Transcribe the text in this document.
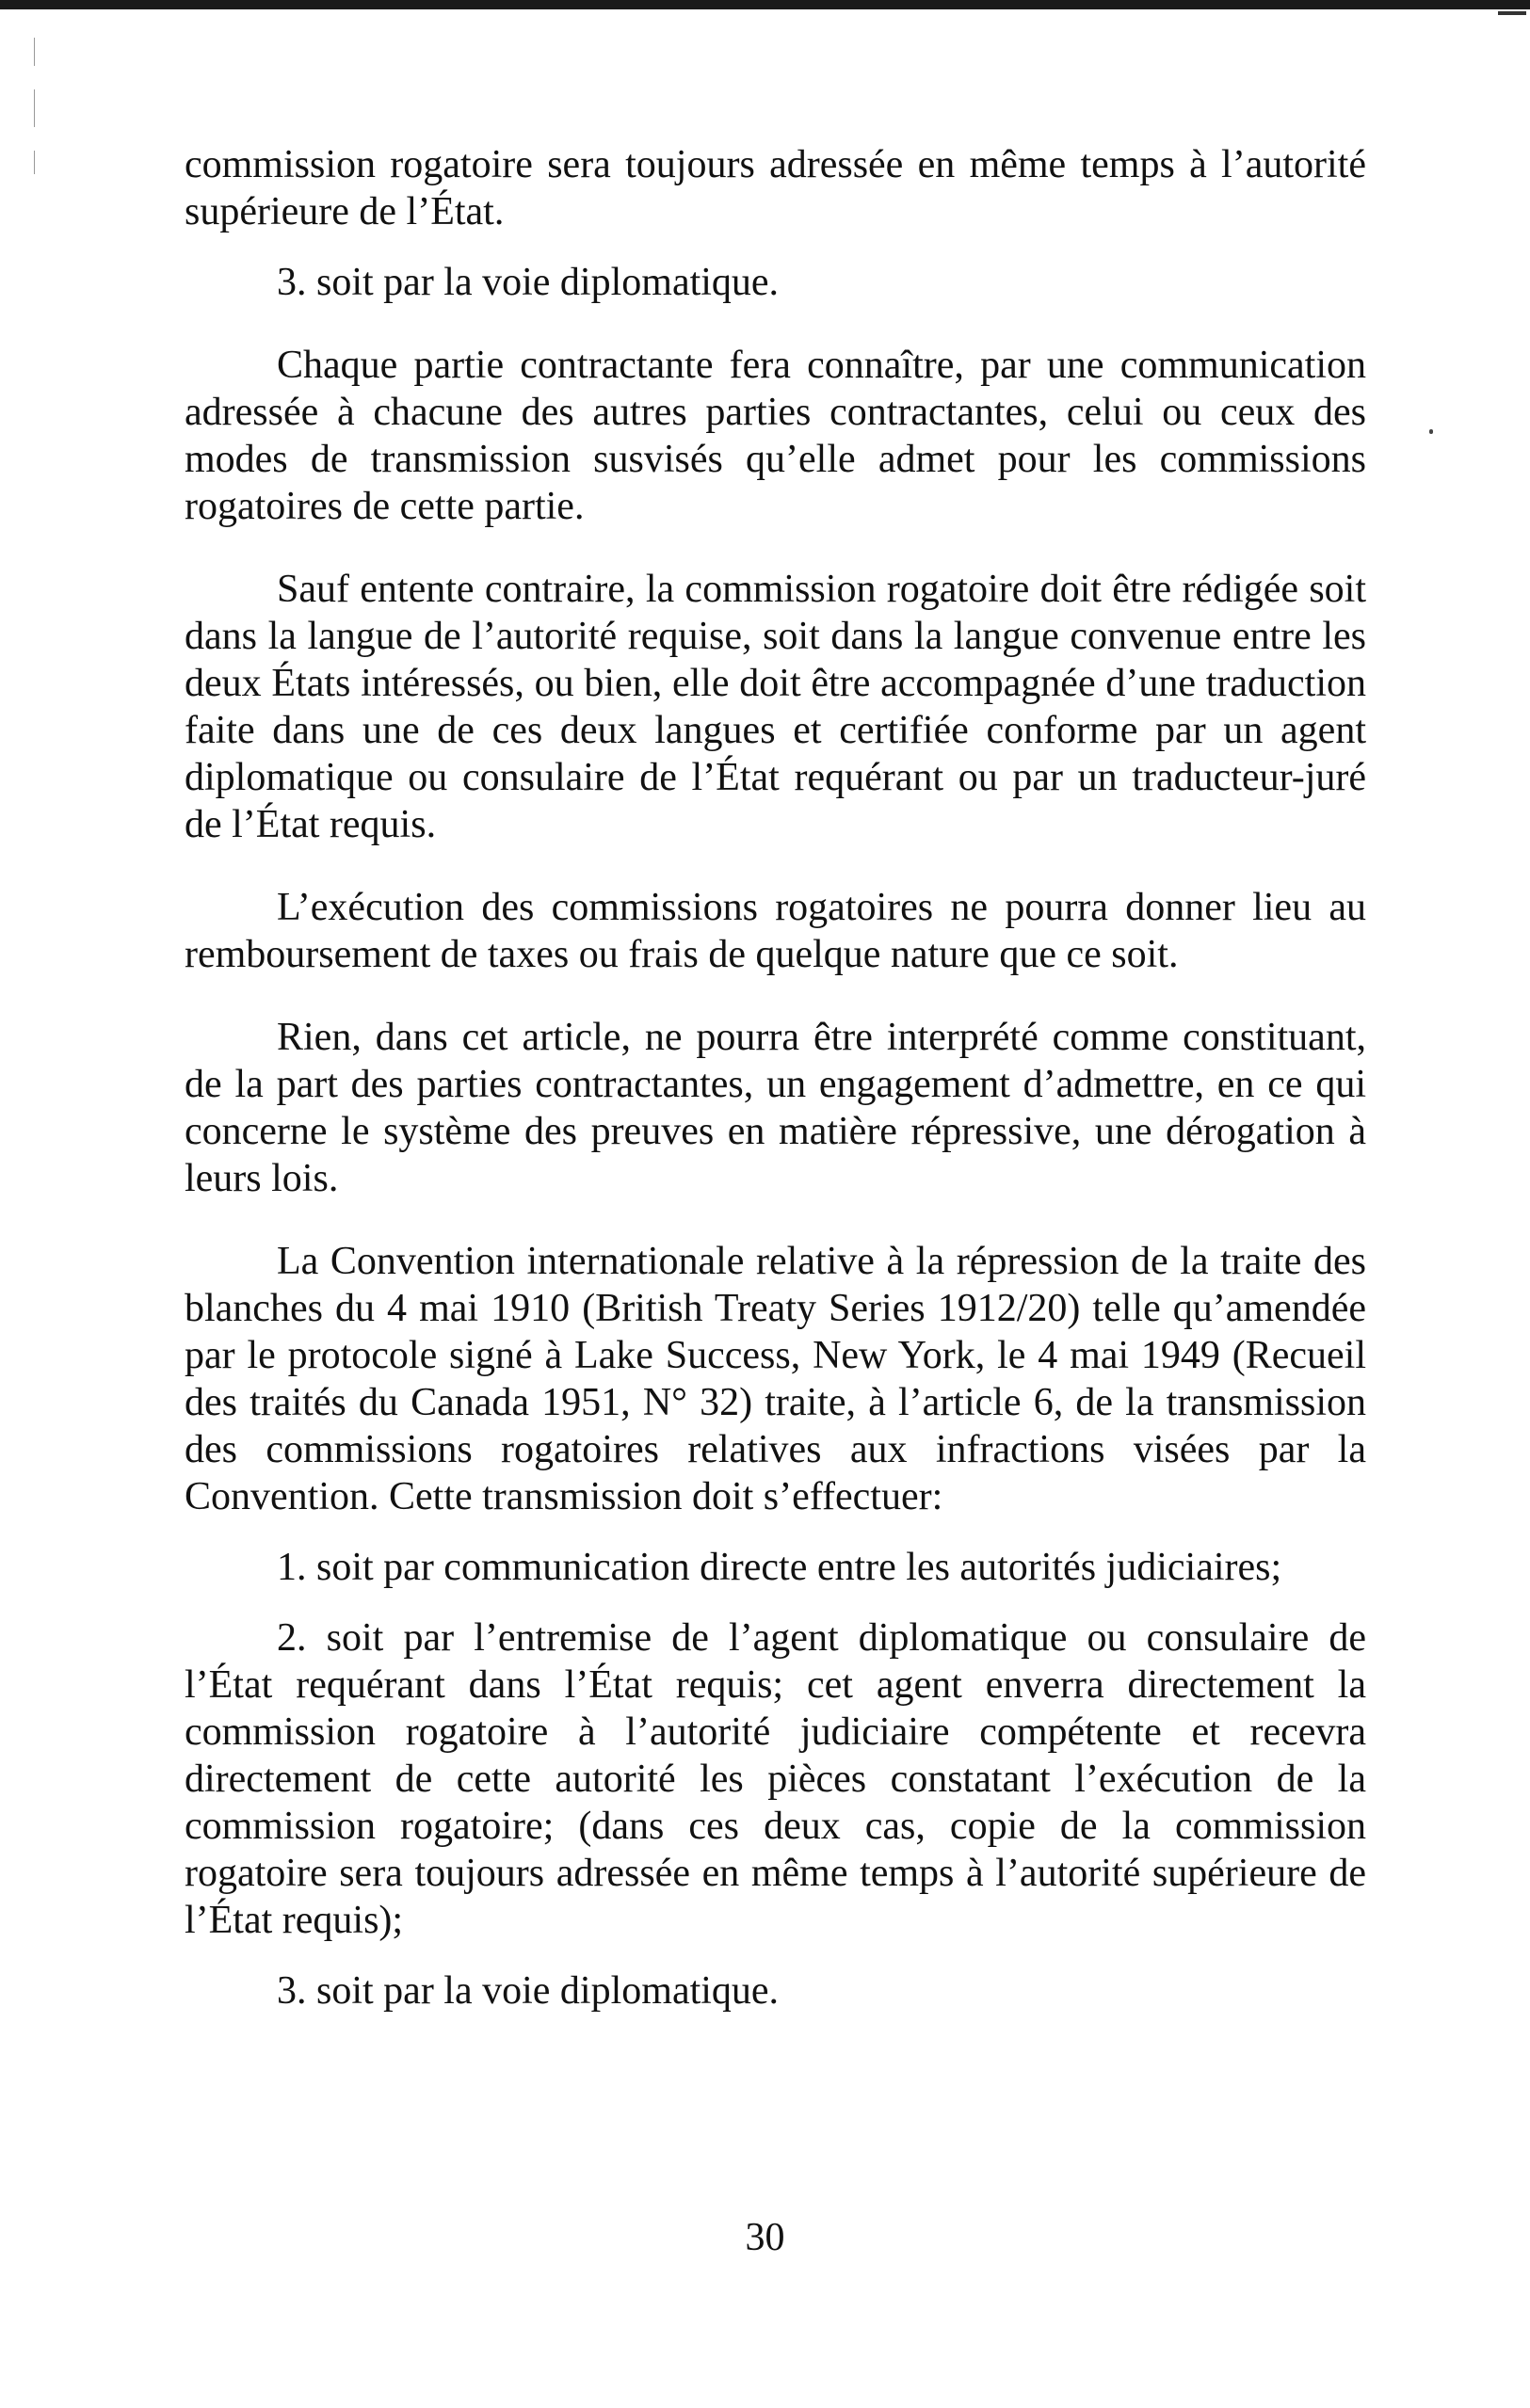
commission rogatoire sera toujours adressée en même temps à l’autorité supérieure de l’État.

3. soit par la voie diplomatique.

Chaque partie contractante fera connaître, par une communication adressée à chacune des autres parties contractantes, celui ou ceux des modes de transmission susvisés qu’elle admet pour les commissions rogatoires de cette partie.

Sauf entente contraire, la commission rogatoire doit être rédigée soit dans la langue de l’autorité requise, soit dans la langue convenue entre les deux États intéressés, ou bien, elle doit être accompagnée d’une traduction faite dans une de ces deux langues et certifiée conforme par un agent diplomatique ou consulaire de l’État requérant ou par un traducteur-juré de l’État requis.

L’exécution des commissions rogatoires ne pourra donner lieu au remboursement de taxes ou frais de quelque nature que ce soit.

Rien, dans cet article, ne pourra être interprété comme constituant, de la part des parties contractantes, un engagement d’admettre, en ce qui concerne le système des preuves en matière répressive, une dérogation à leurs lois.

La Convention internationale relative à la répression de la traite des blanches du 4 mai 1910 (British Treaty Series 1912/20) telle qu’amendée par le protocole signé à Lake Success, New York, le 4 mai 1949 (Recueil des traités du Canada 1951, N° 32) traite, à l’article 6, de la transmission des commissions rogatoires relatives aux infractions visées par la Convention. Cette transmission doit s’effectuer:

1. soit par communication directe entre les autorités judiciaires;

2. soit par l’entremise de l’agent diplomatique ou consulaire de l’État requérant dans l’État requis; cet agent enverra directement la commission rogatoire à l’autorité judiciaire compétente et recevra directement de cette autorité les pièces constatant l’exécution de la commission rogatoire; (dans ces deux cas, copie de la commission rogatoire sera toujours adressée en même temps à l’autorité supérieure de l’État requis);

3. soit par la voie diplomatique.

30
